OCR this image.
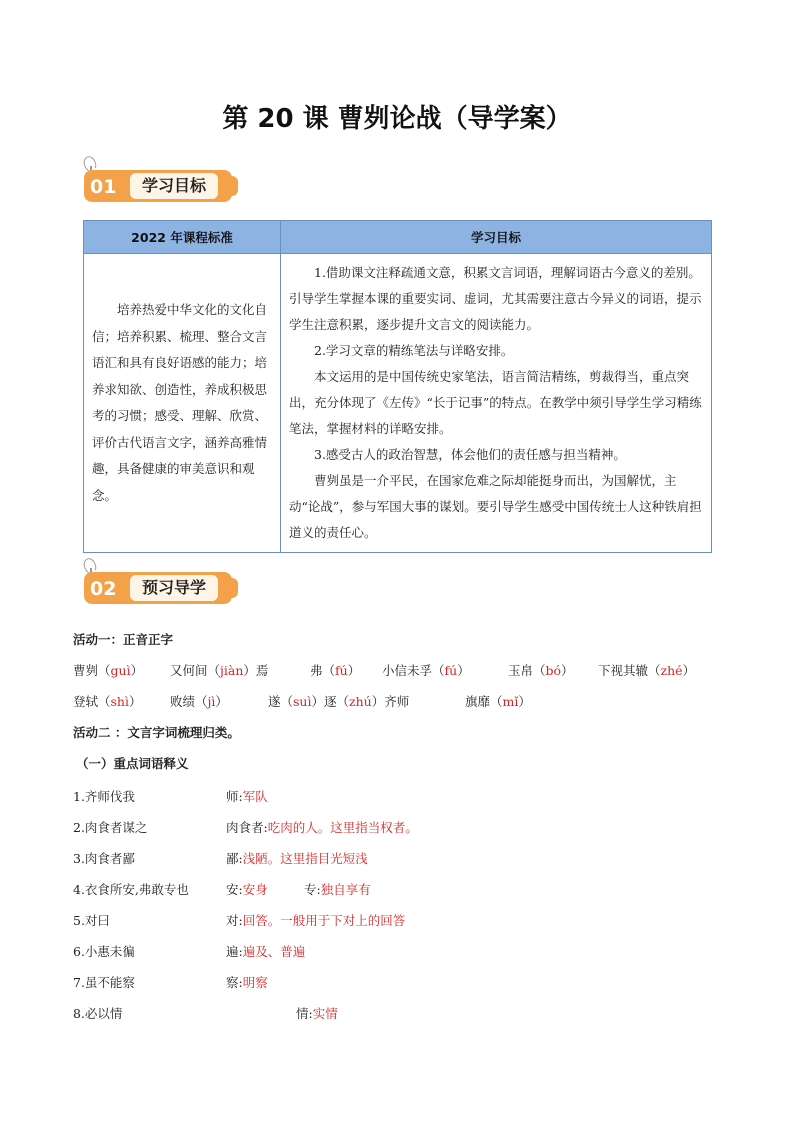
第 20 课 曹刿论战（导学案）
01	学习目标
2022 年课程标准	学习目标
培养热爱中华文化的文化自信；培养积累、梳理、整合文言语汇和具有良好语感的能力；培养求知欲、创造性，养成积极思考的习惯；感受、理解、欣赏、评价古代语言文字，涵养高雅情趣，具备健康的审美意识和观念。	1.借助课文注释疏通文意，积累文言词语，理解词语古今意义的差别。引导学生掌握本课的重要实词、虚词，尤其需要注意古今异义的词语，提示学生注意积累，逐步提升文言文的阅读能力。

2.学习文章的精练笔法与详略安排。

本文运用的是中国传统史家笔法，语言简洁精练，剪裁得当，重点突出，充分体现了《左传》“长于记事”的特点。在教学中须引导学生学习精练笔法，掌握材料的详略安排。

3.感受古人的政治智慧，体会他们的责任感与担当精神。

曹刿虽是一介平民，在国家危难之际却能挺身而出，为国解忧，主动“论战”，参与军国大事的谋划。要引导学生感受中国传统士人这种铁肩担道义的责任心。

02	预习导学
活动一：正音正字
曹刿（guì） 又何间（jiàn）焉	弗（fú） 小信未孚（fú）	玉帛（bó） 下视其辙（zhé）
登轼（shì） 败绩（jì）	遂（suì）逐（zhú）齐师	旗靡（mǐ）
活动二 ：文言字词梳理归类。
（一）重点词语释义
1.齐师伐我	师:军队
2.肉食者谋之	肉食者:吃肉的人。这里指当权者。
3.肉食者鄙	鄙:浅陋。这里指目光短浅
4.衣食所安,弗敢专也	安:安身	专:独自享有
5.对曰	对:回答。一般用于下对上的回答
6.小惠未徧	遍:遍及、普遍
7.虽不能察	察:明察
8.必以情	情:实情
